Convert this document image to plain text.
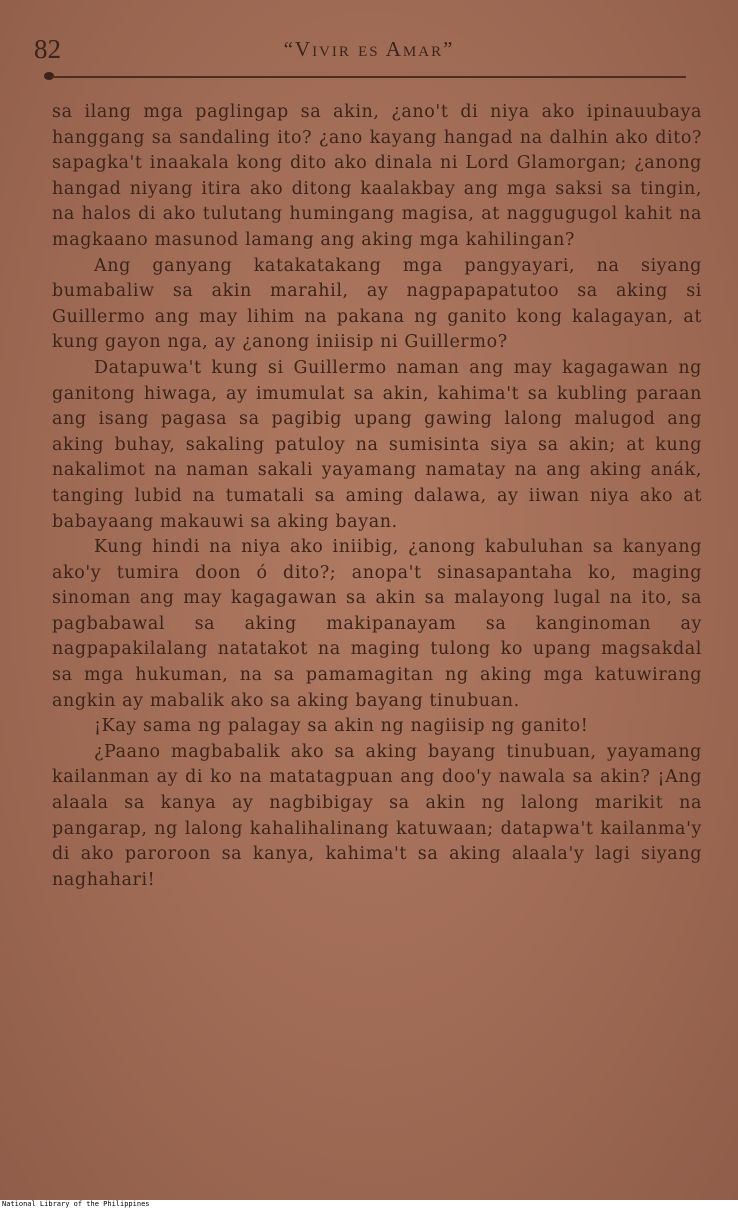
82	“Vivir es Amar”

sa ilang mga paglingap sa akin, ¿ano't di niya ako ipinauubaya hanggang sa sandaling ito? ¿ano kayang hangad na dalhin ako dito? sapagka't inaakala kong dito ako dinala ni Lord Glamorgan; ¿anong hangad niyang itira ako ditong kaalakbay ang mga saksi sa tingin, na halos di ako tulutang humingang magisa, at naggugugol kahit na magkaano masunod lamang ang aking mga kahilingan?

Ang ganyang katakatakang mga pangyayari, na siyang bumabaliw sa akin marahil, ay nagpapapatutoo sa aking si Guillermo ang may lihim na pakana ng ganito kong kalagayan, at kung gayon nga, ay ¿anong iniisip ni Guillermo?

Datapuwa't kung si Guillermo naman ang may kagagawan ng ganitong hiwaga, ay imumulat sa akin, kahima't sa kubling paraan ang isang pagasa sa pagibig upang gawing lalong malugod ang aking buhay, sakaling patuloy na sumisinta siya sa akin; at kung nakalimot na naman sakali yayamang namatay na ang aking anák, tanging lubid na tumatali sa aming dalawa, ay iiwan niya ako at babayaang makauwi sa aking bayan.

Kung hindi na niya ako iniibig, ¿anong kabuluhan sa kanyang ako'y tumira doon ó dito?; anopa't sinasapantaha ko, maging sinoman ang may kagagawan sa akin sa malayong lugal na ito, sa pagbabawal sa aking makipanayam sa kanginoman ay nagpapakilalang natatakot na maging tulong ko upang magsakdal sa mga hukuman, na sa pamamagitan ng aking mga katuwirang angkin ay mabalik ako sa aking bayang tinubuan.

¡Kay sama ng palagay sa akin ng nagiisip ng ganito!

¿Paano magbabalik ako sa aking bayang tinubuan, yayamang kailanman ay di ko na matatagpuan ang doo'y nawala sa akin? ¡Ang alaala sa kanya ay nagbibigay sa akin ng lalong marikit na pangarap, ng lalong kahalihalinang katuwaan; datapwa't kailanma'y di ako paroroon sa kanya, kahima't sa aking alaala'y lagi siyang naghahari!

National Library of the Philippines
